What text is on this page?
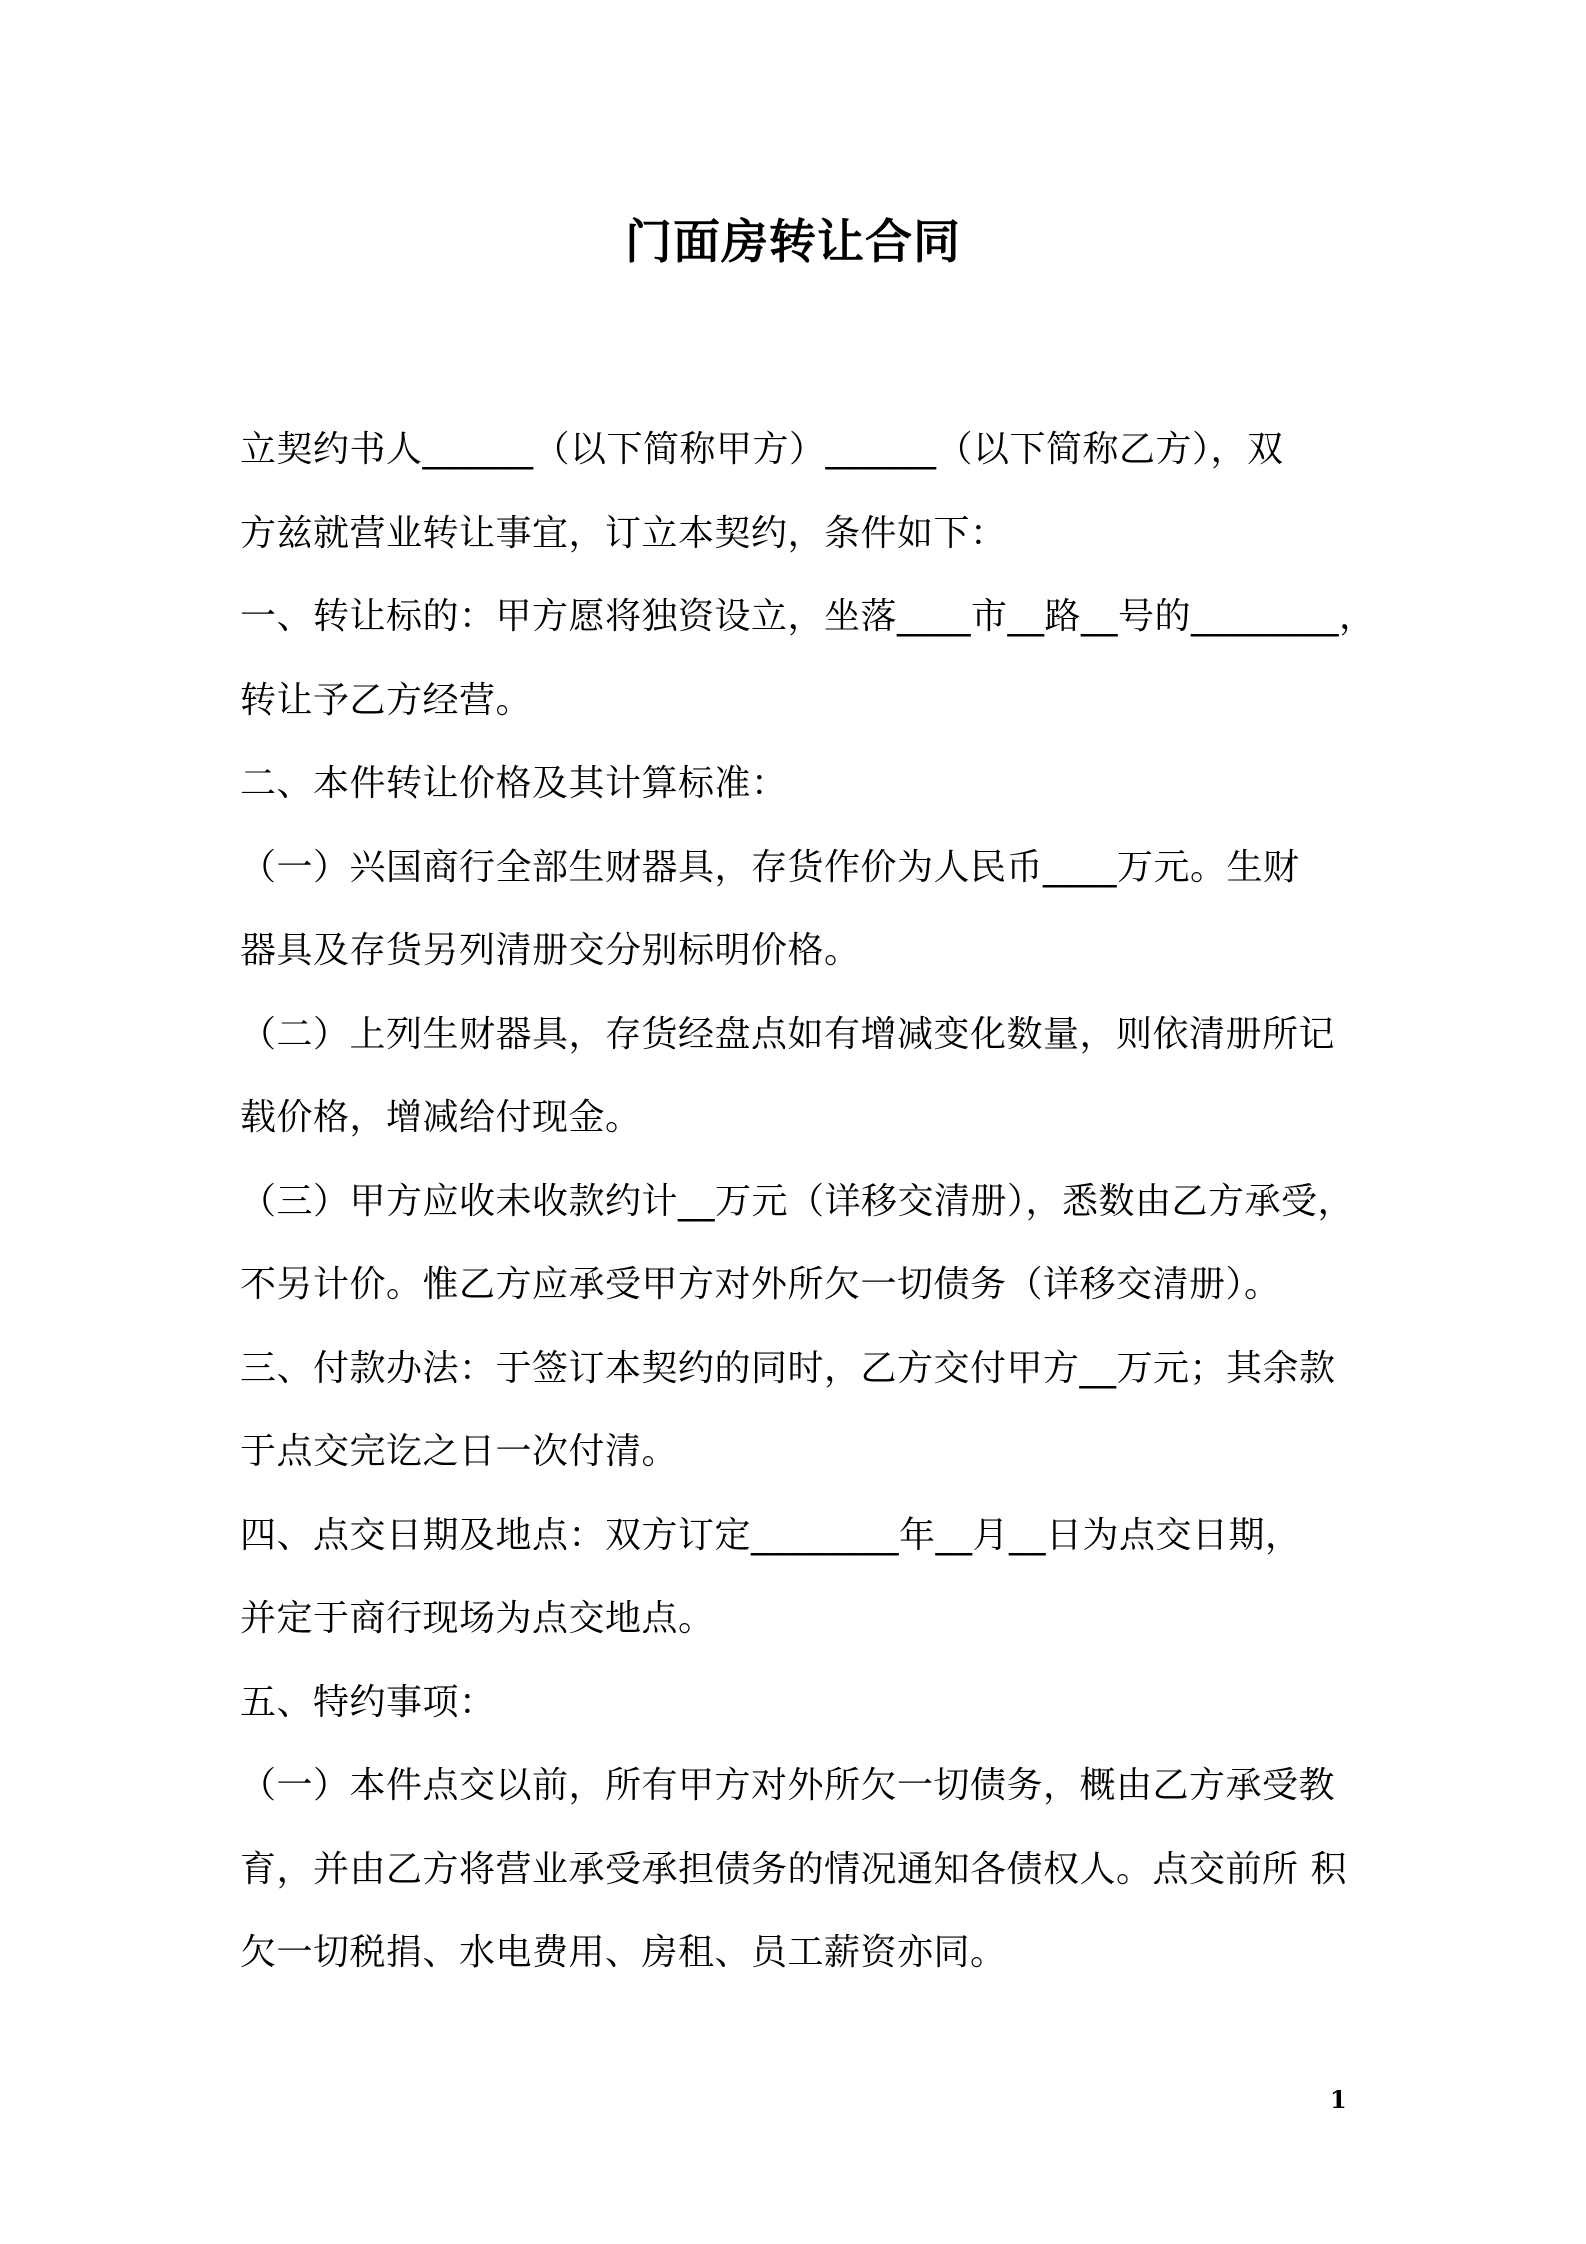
门面房转让合同
立契约书人______（以下简称甲方）______（以下简称乙方），双
方兹就营业转让事宜，订立本契约，条件如下：
一、转让标的：甲方愿将独资设立，坐落____市__路__号的________，
转让予乙方经营。
二、本件转让价格及其计算标准：
（一）兴国商行全部生财器具，存货作价为人民币____万元。生财
器具及存货另列清册交分别标明价格。
（二）上列生财器具，存货经盘点如有增减变化数量，则依清册所记
载价格，增减给付现金。
（三）甲方应收未收款约计__万元（详移交清册），悉数由乙方承受，
不另计价。惟乙方应承受甲方对外所欠一切债务（详移交清册）。
三、付款办法：于签订本契约的同时，乙方交付甲方__万元；其余款
于点交完讫之日一次付清。
四、点交日期及地点：双方订定________年__月__日为点交日期，
并定于商行现场为点交地点。
五、特约事项：
（一）本件点交以前，所有甲方对外所欠一切债务，概由乙方承受教
育，并由乙方将营业承受承担债务的情况通知各债权人。点交前所 积
欠一切税捐、水电费用、房租、员工薪资亦同。
1
